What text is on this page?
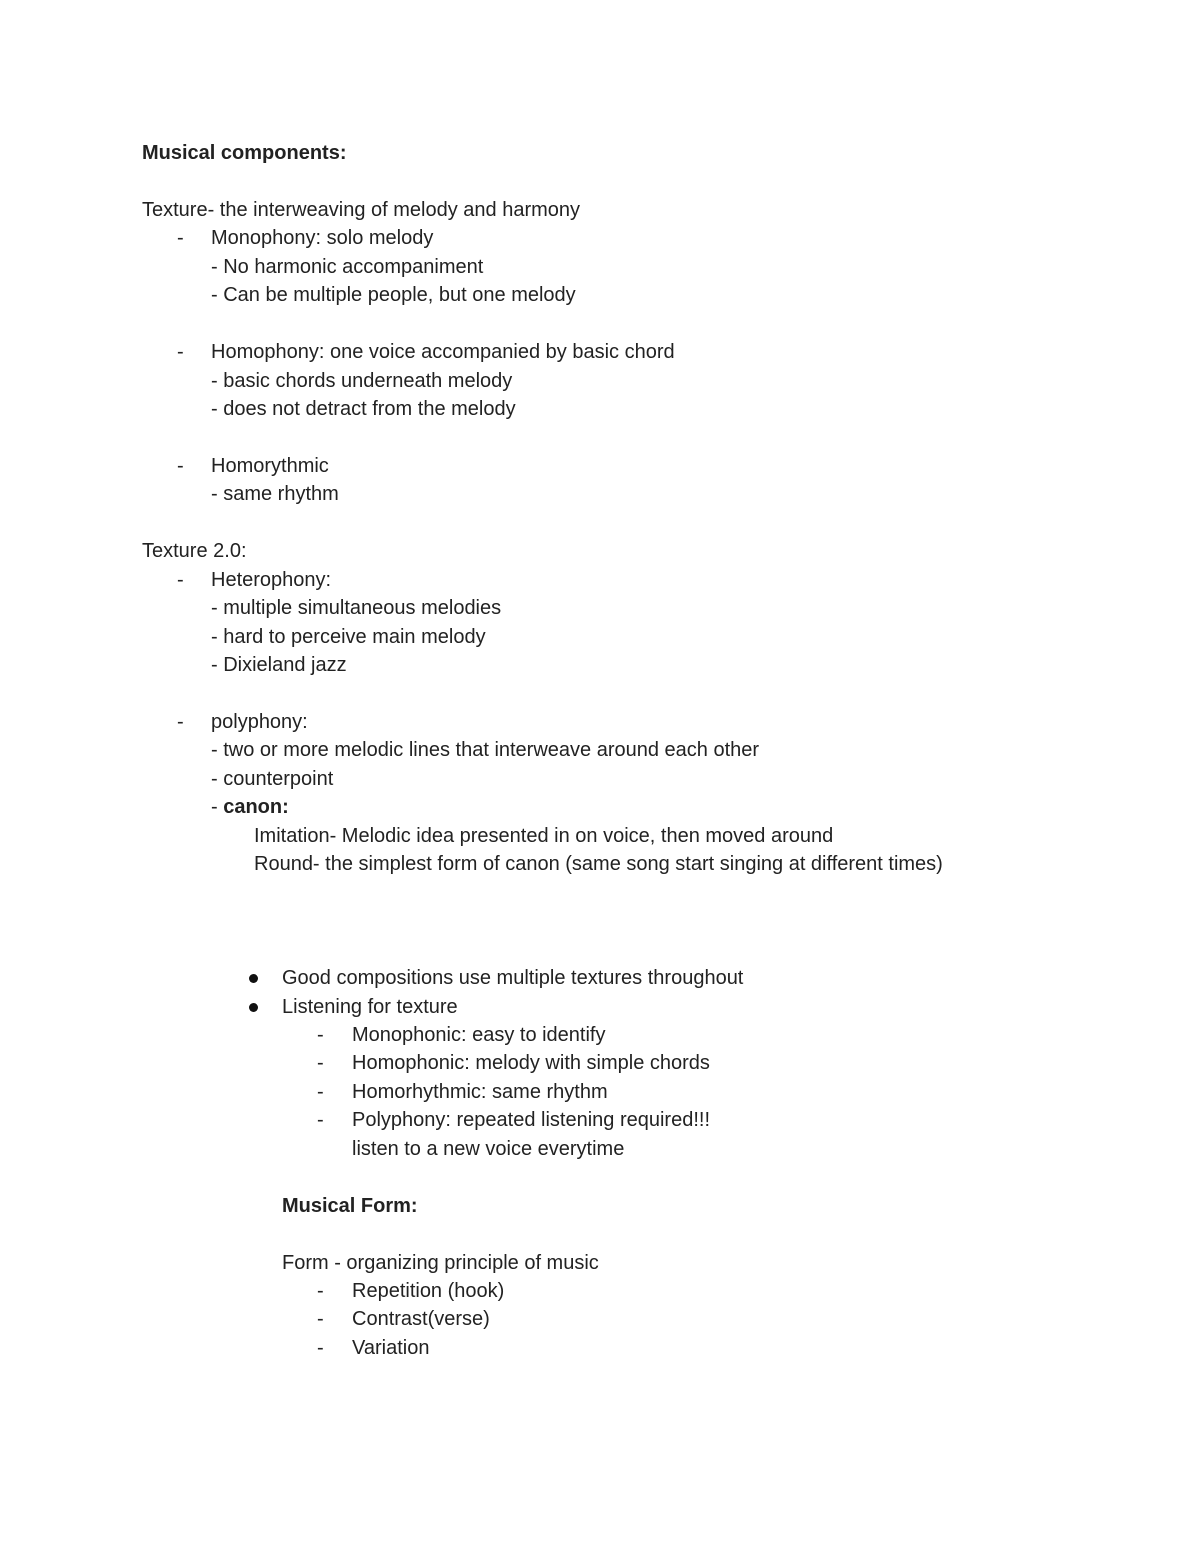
Musical components:
Texture- the interweaving of melody and harmony
- Monophony: solo melody
- No harmonic accompaniment
- Can be multiple people, but one melody
- Homophony: one voice accompanied by basic chord
- basic chords underneath melody
- does not detract from the melody
- Homorythmic
- same rhythm
Texture 2.0:
- Heterophony:
- multiple simultaneous melodies
- hard to perceive main melody
- Dixieland jazz
- polyphony:
- two or more melodic lines that interweave around each other
- counterpoint
- canon:
Imitation- Melodic idea presented in on voice, then moved around
Round- the simplest form of canon (same song start singing at different times)
Good compositions use multiple textures throughout
Listening for texture
- Monophonic: easy to identify
- Homophonic: melody with simple chords
- Homorhythmic: same rhythm
- Polyphony: repeated listening required!!!
listen to a new voice everytime
Musical Form:
Form - organizing principle of music
- Repetition (hook)
- Contrast(verse)
- Variation
